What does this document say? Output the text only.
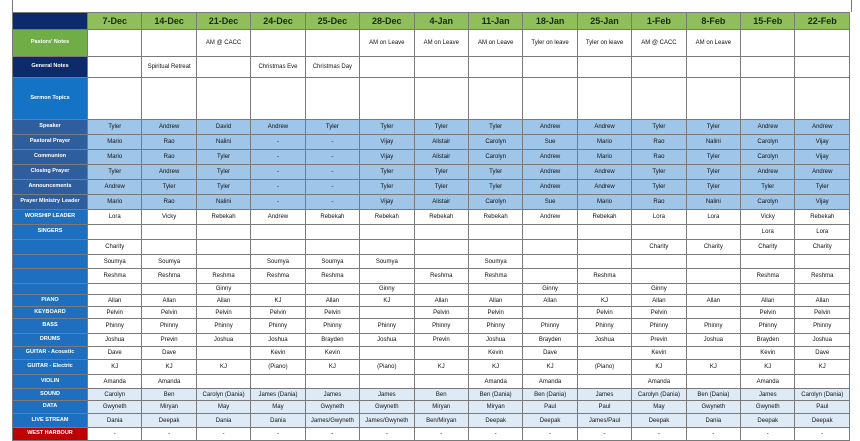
	7-Dec	14-Dec	21-Dec	24-Dec	25-Dec	28-Dec	4-Jan	11-Jan	18-Jan	25-Jan	1-Feb	8-Feb	15-Feb	22-Feb
Pastors' Notes			AM @ CACC			AM on Leave	AM on Leave	AM on Leave	Tyler on leave	Tyler on leave	AM @ CACC	AM on Leave		
General Notes		Spiritual Retreat		Christmas Eve	Christmas Day									
Sermon Topics														
Speaker	Tyler	Andrew	David	Andrew	Tyler	Tyler	Tyler	Tyler	Andrew	Andrew	Tyler	Tyler	Andrew	Andrew
Pastoral Prayer	Mario	Rao	Nalini	-	-	Vijay	Alistair	Carolyn	Sue	Mario	Rao	Nalini	Carolyn	Vijay
Communion	Mario	Rao	Tyler	-	-	Vijay	Alistair	Carolyn	Andrew	Mario	Rao	Tyler	Carolyn	Vijay
Closing Prayer	Tyler	Andrew	Tyler	-	-	Tyler	Tyler	Tyler	Andrew	Andrew	Tyler	Tyler	Andrew	Andrew
Announcements	Andrew	Tyler	Tyler	-	-	Tyler	Tyler	Tyler	Andrew	Andrew	Tyler	Tyler	Tyler	Tyler
Prayer Ministry Leader	Mario	Rao	Nalini	-	-	Vijay	Alistair	Carolyn	Sue	Mario	Rao	Nalini	Carolyn	Vijay
WORSHIP LEADER	Lora	Vicky	Rebekah	Andrew	Rebekah	Rebekah	Rebekah	Rebekah	Andrew	Rebekah	Lora	Lora	Vicky	Rebekah
SINGERS													Lora	Lora
	Charity										Charity	Charity	Charity	Charity
	Soumya	Soumya		Soumya	Soumya	Soumya		Soumya						
	Reshma	Reshma	Reshma	Reshma	Reshma		Reshma	Reshma		Reshma			Reshma	Reshma
			Ginny			Ginny			Ginny		Ginny			
PIANO	Allan	Allan	Allan	KJ	Allan	KJ	Allan	Allan	Allan	KJ	Allan	Allan	Allan	Allan
KEYBOARD	Pelvin	Pelvin	Pelvin	Pelvin	Pelvin		Pelvin	Pelvin		Pelvin	Pelvin		Pelvin	Pelvin
BASS	Phinny	Phinny	Phinny	Phinny	Phinny	Phinny	Phinny	Phinny	Phinny	Phinny	Phinny	Phinny	Phinny	Phinny
DRUMS	Joshua	Previn	Joshua	Joshua	Brayden	Joshua	Previn	Joshua	Brayden	Joshua	Previn	Joshua	Brayden	Joshua
GUITAR - Acoustic	Dave	Dave		Kevin	Kevin			Kevin	Dave		Kevin		Kevin	Dave
GUITAR - Electric	KJ	KJ	KJ	(Piano)	KJ	(Piano)	KJ	KJ	KJ	(Piano)	KJ	KJ	KJ	KJ
VIOLIN	Amanda	Amanda						Amanda	Amanda		Amanda		Amanda	
SOUND	Carolyn	Ben	Carolyn (Dania)	James (Dania)	James	James	Ben	Ben (Dania)	Ben (Dania)	James	Carolyn (Dania)	Ben (Dania)	James	Carolyn (Dania)
DATA	Gwyneth	Miryan	May	May	Gwyneth	Gwyneth	Miryan	Miryan	Paul	Paul	May	Gwyneth	Gwyneth	Paul
LIVE STREAM	Dania	Deepak	Dania	Dania	James/Gwyneth	James/Gwyneth	Ben/Miryan	Deepak	Deepak	James/Paul	Deepak	Dania	Deepak	Deepak
WEST HARBOUR	-	-	-	-	-	-	-	-	-	-	-	-	-	-
